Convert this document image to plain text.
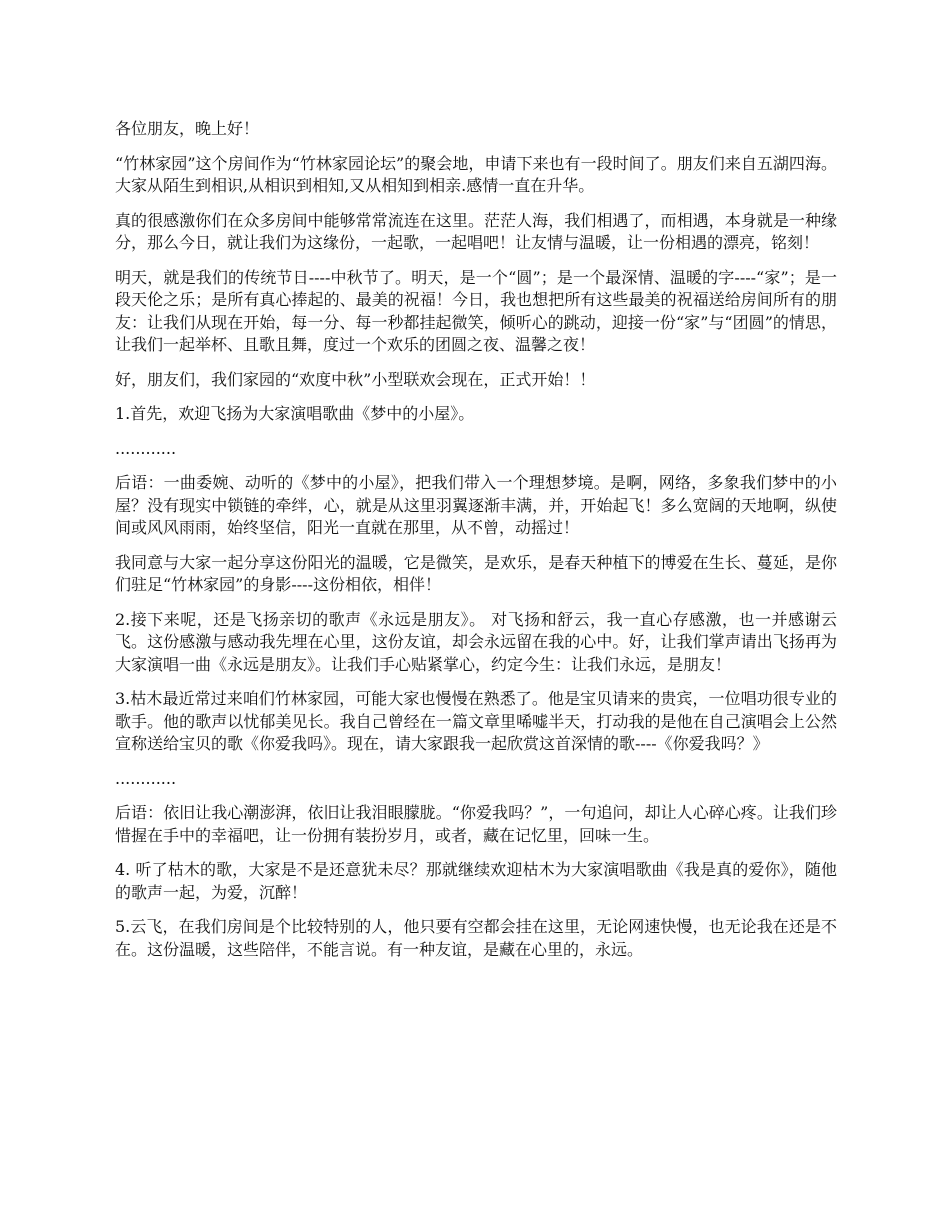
各位朋友，晚上好！

“竹林家园”这个房间作为“竹林家园论坛”的聚会地，申请下来也有一段时间了。朋友们来自五湖四海。大家从陌生到相识,从相识到相知,又从相知到相亲.感情一直在升华。

真的很感激你们在众多房间中能够常常流连在这里。茫茫人海，我们相遇了，而相遇，本身就是一种缘分，那么今日，就让我们为这缘份，一起歌，一起唱吧！让友情与温暖，让一份相遇的漂亮，铭刻！

明天，就是我们的传统节日----中秋节了。明天，是一个“圆”；是一个最深情、温暖的字----“家”；是一段天伦之乐；是所有真心捧起的、最美的祝福！今日，我也想把所有这些最美的祝福送给房间所有的朋友：让我们从现在开始，每一分、每一秒都挂起微笑，倾听心的跳动，迎接一份“家”与“团圆”的情思，让我们一起举杯、且歌且舞，度过一个欢乐的团圆之夜、温馨之夜！

好，朋友们，我们家园的“欢度中秋”小型联欢会现在，正式开始！！

1.首先，欢迎飞扬为大家演唱歌曲《梦中的小屋》。

............

后语：一曲委婉、动听的《梦中的小屋》，把我们带入一个理想梦境。是啊，网络，多象我们梦中的小屋？没有现实中锁链的牵绊，心，就是从这里羽翼逐渐丰满，并，开始起飞！多么宽阔的天地啊，纵使间或风风雨雨，始终坚信，阳光一直就在那里，从不曾，动摇过！

我同意与大家一起分享这份阳光的温暖，它是微笑，是欢乐，是春天种植下的博爱在生长、蔓延，是你们驻足“竹林家园”的身影----这份相依，相伴！

2.接下来呢，还是飞扬亲切的歌声《永远是朋友》。 对飞扬和舒云，我一直心存感激，也一并感谢云飞。这份感激与感动我先埋在心里，这份友谊，却会永远留在我的心中。好，让我们掌声请出飞扬再为大家演唱一曲《永远是朋友》。让我们手心贴紧掌心，约定今生：让我们永远，是朋友！

3.枯木最近常过来咱们竹林家园，可能大家也慢慢在熟悉了。他是宝贝请来的贵宾，一位唱功很专业的歌手。他的歌声以忧郁美见长。我自己曾经在一篇文章里唏嘘半天，打动我的是他在自己演唱会上公然宣称送给宝贝的歌《你爱我吗》。现在，请大家跟我一起欣赏这首深情的歌----《你爱我吗？》

............

后语：依旧让我心潮澎湃，依旧让我泪眼朦胧。“你爱我吗？”，一句追问，却让人心碎心疼。让我们珍惜握在手中的幸福吧，让一份拥有装扮岁月，或者，藏在记忆里，回味一生。

4. 听了枯木的歌，大家是不是还意犹未尽？那就继续欢迎枯木为大家演唱歌曲《我是真的爱你》，随他的歌声一起，为爱，沉醉！

5.云飞，在我们房间是个比较特别的人，他只要有空都会挂在这里，无论网速快慢，也无论我在还是不在。这份温暖，这些陪伴，不能言说。有一种友谊，是藏在心里的，永远。
